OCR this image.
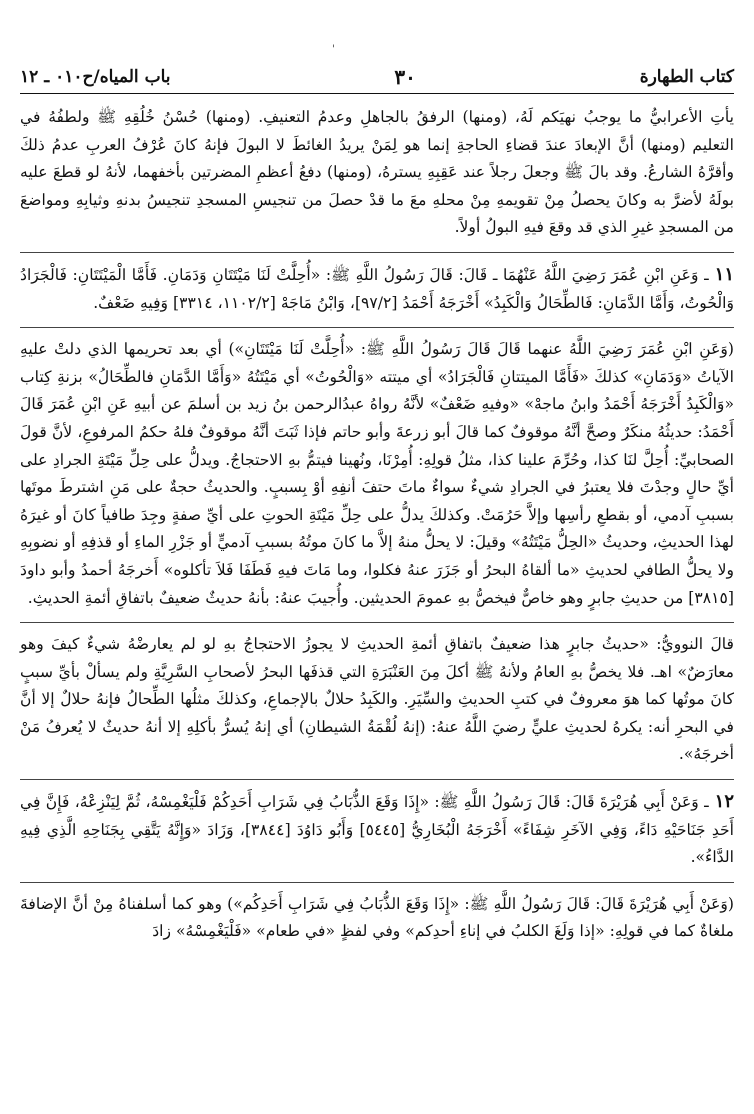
'
كتاب الطهارة
٣٠
باب المياه/ح٠١٠ ـ ١٢

يأتِ الأعرابيُّ ما يوجبُ نهيَكم لَهُ، (ومنها) الرفقُ بالجاهلِ وعدمُ التعنيفِ. (ومنها) حُسْنُ خُلُقِهِ ﷺ ولطفُهُ في التعليم (ومنها) أنَّ الإبعادَ عندَ قضاءِ الحاجةِ إنما هو لِمَنْ يريدُ الغائطَ لا البولَ فإنهُ كانَ عُرْفُ العربِ عدمُ ذلكَ وأقرَّهُ الشارعُ. وقد بالَ ﷺ وجعلَ رجلاً عند عَقِبِهِ يسترهُ، (ومنها) دفعُ أعظمِ المضرتين بأخفهما، لأنهُ لو قطعَ عليه بولَهُ لأضرَّ به وكانَ يحصلُ مِنْ تقويمهِ مِنْ محلهِ معَ ما قدْ حصلَ من تنجيسِ المسجدِ تنجيسُ بدنهِ وثيابِهِ ومواضعَ من المسجدِ غيرِ الذي قد وقعَ فيهِ البولُ أولاً.

١١ـ وَعَنِ ابْنِ عُمَرَ رَضِيَ اللَّهُ عَنْهُمَا ـ قَالَ: قَالَ رَسُولُ اللَّهِ ﷺ: «أُحِلَّتْ لَنَا مَيْتَتَانِ وَدَمَانِ. فَأَمَّا الْمَيْتَتَانِ: فَالْجَرَادُ وَالْحُوتُ، وَأَمَّا الدَّمَانِ: فَالطِّحَالُ وَالْكَبِدُ» أَخْرَجَهُ أَحْمَدُ [٩٧/٢]، وَابْنُ مَاجَهْ [١١٠٢/٢، ٣٣١٤] وَفِيهِ ضَعْفٌ.

(وَعَنِ ابْنِ عُمَرَ رَضِيَ اللَّهُ عنهما قَالَ قَالَ رَسُولُ اللَّهِ ﷺ: «أُحِلَّتْ لَنَا مَيْتَتَانِ») أي بعد تحريمها الذي دلتْ عليهِ الآياتُ «وَدَمَانِ» كذلكَ «فَأَمَّا الميتتانِ فَالْجَرَادُ» أي ميتته «وَالْحُوتُ» أي مَيْتَتُهُ «وَأَمَّا الدَّمَانِ فالطِّحَالُ» بزنةِ كِتاب «وَالْكَبِدُ أَخْرَجَهُ أَحْمَدُ وابنُ ماجهْ» «وفيهِ ضَعْفٌ» لأنَّهُ رواهُ عبدُالرحمن بنُ زيد بن أسلمَ عن أبيهِ عَنِ ابْنِ عُمَرَ قَالَ أَحْمَدُ: حديثُهُ منكَرٌ وصحَّ أنَّهُ موقوفٌ كما قالَ أبو زرعةَ وأبو حاتم فإذا ثَبَتَ أنَّهُ موقوفٌ فلهُ حكمُ المرفوعِ، لأنَّ قولَ الصحابيِّ: أُحِلَّ لنَا كذا، وحُرِّمَ علينا كذا، مثلُ قولِهِ: أُمِرْنَا، ونُهينا فيتمُّ بهِ الاحتجاجُ. ويدلُّ على حِلِّ مَيْتَةِ الجرادِ على أيِّ حالٍ وجدْتَ فلا يعتبرُ في الجرادِ شيءٌ سواءٌ ماتَ حتفَ أنفِهِ أوْ بِسببٍ. والحديثُ حجةٌ على مَنِ اشترطَ موتَها بسببِ آدمي، أو بقطعِ رأسِها وإلاَّ حَرُمَتْ. وكذلكَ يدلُّ على حِلِّ مَيْتَةِ الحوتِ على أيِّ صفةٍ وجِدَ طافياً كانَ أو غيرَهُ لهذا الحديثِ، وحديثُ «الحِلُّ مَيْتَتُهُ» وقيلَ: لا يحلُّ منهُ إلاَّ ما كانَ موتُهُ بسببِ آدميٍّ أو جَزْرِ الماءِ أو قذفِهِ أو نضوبِهِ ولا يحلُّ الطافي لحديثِ «ما ألقاهُ البحرُ أو جَزَرَ عنهُ فكلوا، وما مَاتَ فيهِ فَطَفَا فَلاَ تأكلوه» أَخرجَهُ أحمدُ وأبو داودَ [٣٨١٥] من حديثِ جابرٍ وهو خاصٌّ فيخصُّ بهِ عمومَ الحديثين. وأُجيبَ عنهُ: بأنهُ حديثٌ ضعيفٌ باتفاقِ أئمةِ الحديثِ.

قالَ النوويُّ: «حديثُ جابرٍ هذا ضعيفٌ باتفاقِ أئمةِ الحديثِ لا يجوزُ الاحتجاجُ بهِ لو لم يعارضْهُ شيءٌ كيفَ وهو معارَضٌ» اهـ. فلا يخصُّ بهِ العامُ ولأنهُ ﷺ أكلَ مِنَ العَنْبَرَةِ التي قذفَها البحرُ لأصحابِ السَّرِيَّةِ ولم يسألْ بأيِّ سببٍ كانَ موتُها كما هوَ معروفٌ في كتبِ الحديثِ والسِّيَرِ. والكَبِدُ حلالٌ بالإجماعِ، وكذلكَ مثلُها الطِّحالُ فإنهُ حلالٌ إلا أنَّ في البحرِ أنه: يكرهُ لحديثِ عليٍّ رضيَ اللَّهُ عنهُ: (إنهُ لُقْمَةُ الشيطانِ) أي إنهُ يُسرُّ بأكلِهِ إلا أنهُ حديثٌ لا يُعرفُ مَنْ أخرجَهُ».

١٢ـ وَعَنْ أَبِي هُرَيْرَةَ قَالَ: قَالَ رَسُولُ اللَّهِ ﷺ: «إِذَا وَقَعَ الذُّبَابُ فِي شَرَابِ أَحَدِكُمْ فَلْيَغْمِسْهُ، ثُمَّ لِيَنْزِعْهُ، فَإِنَّ فِي أَحَدِ جَنَاحَيْهِ دَاءً، وَفِي الآخَرِ شِفَاءً» أَخْرَجَهُ الْبُخَارِيُّ [٥٤٤٥] وَأَبُو دَاوُدَ [٣٨٤٤]، وَزَادَ «وَإِنَّهُ يَتَّقِي بِجَنَاحِهِ الَّذِي فِيهِ الدَّاءُ».

(وَعَنْ أَبِي هُرَيْرَةَ قَالَ: قَالَ رَسُولُ اللَّهِ ﷺ: «إِذَا وَقَعَ الذُّبَابُ فِي شَرَابِ أَحَدِكُم») وهو كما أسلفناهُ مِنْ أنَّ الإضافةَ ملغاةٌ كما في قولِهِ: «إذا وَلَغَ الكلبُ في إناءِ أحدِكم» وفي لفظٍ «في طعام» «فَلْيَغْمِسْهُ» زادَ
